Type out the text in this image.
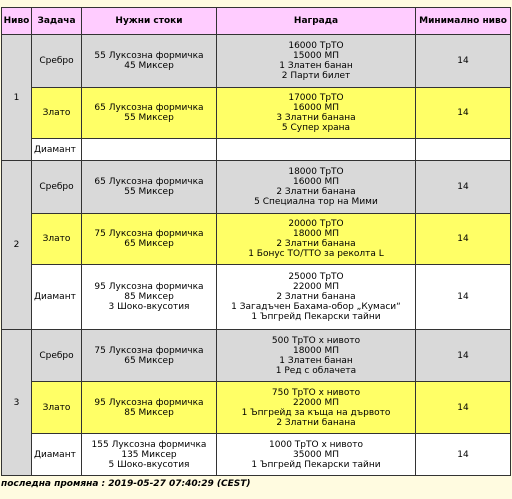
Ниво	Задача	Нужни стоки	Награда	Минимално ниво
1	Сребро	55 Луксозна формичка
45 Миксер	16000 ТрТО
15000 МП
1 Златен банан
2 Парти билет	14
	Злато	65 Луксозна формичка
55 Миксер	17000 ТрТО
16000 МП
3 Златни банана
5 Супер храна	14
	Диамант			
2	Сребро	65 Луксозна формичка
55 Миксер	18000 ТрТО
16000 МП
2 Златни банана
5 Специална тор на Мими	14
	Злато	75 Луксозна формичка
65 Миксер	20000 ТрТО
18000 МП
2 Златни банана
1 Бонус ТО/ТТО за реколта L	14
	Диамант	95 Луксозна формичка
85 Миксер
3 Шоко-вкусотия	25000 ТрТО
22000 МП
2 Златни банана
1 Загадъчен Бахама-обор „Кумаси“
1 Ъпгрейд Пекарски тайни	14
3	Сребро	75 Луксозна формичка
65 Миксер	500 ТрТО х нивото
18000 МП
1 Златен банан
1 Ред с облачета	14
	Злато	95 Луксозна формичка
85 Миксер	750 ТрТО х нивото
22000 МП
1 Ъпгрейд за къща на дървото
2 Златни банана	14
	Диамант	155 Луксозна формичка
135 Миксер
5 Шоко-вкусотия	1000 ТрТО х нивото
35000 МП
1 Ъпгрейд Пекарски тайни	14
последна промяна : 2019-05-27 07:40:29 (CEST)
